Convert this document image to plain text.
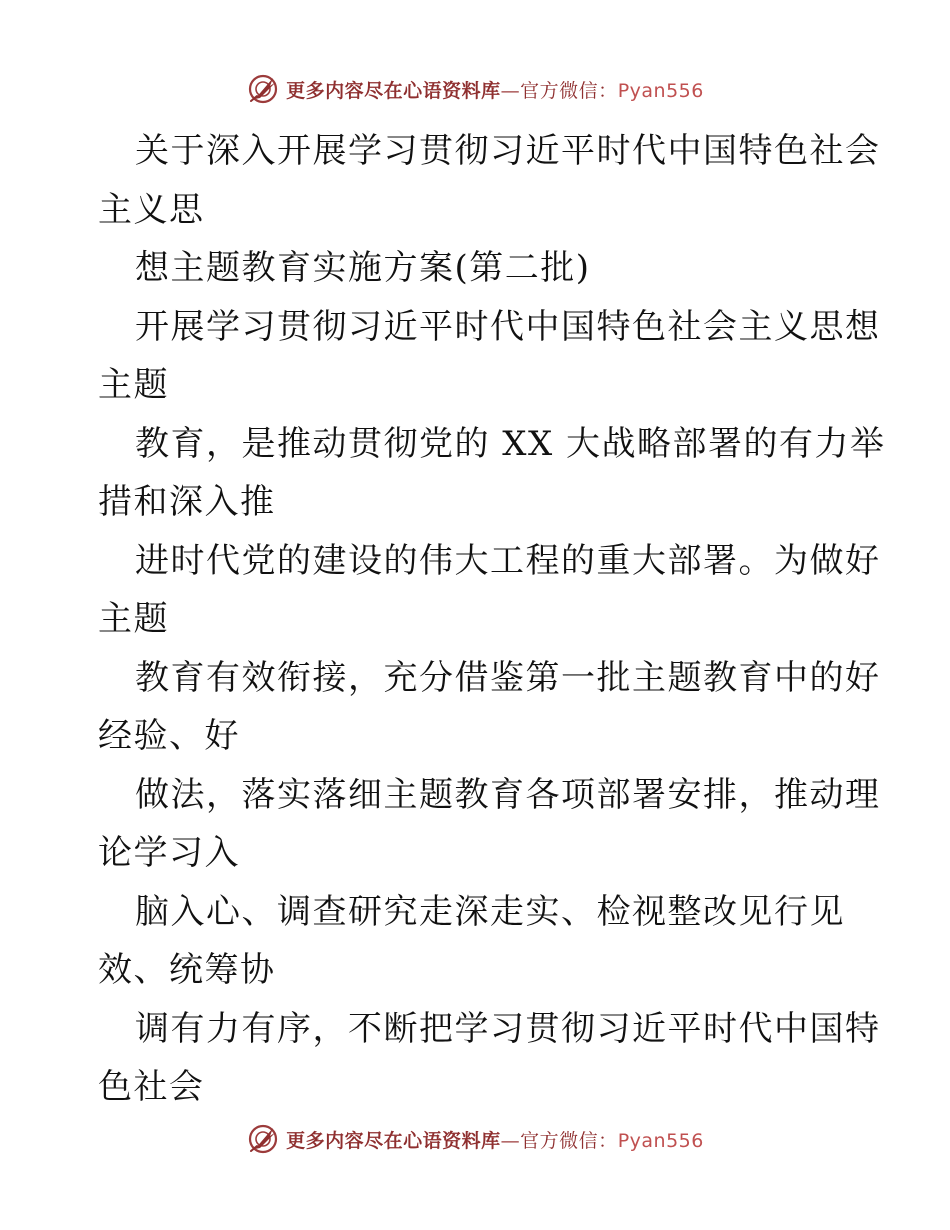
更多内容尽在心语资料库—官方微信：Pyan556
关于深入开展学习贯彻习近平时代中国特色社会
主义思
想主题教育实施方案(第二批)
开展学习贯彻习近平时代中国特色社会主义思想
主题
教育，是推动贯彻党的 XX 大战略部署的有力举
措和深入推
进时代党的建设的伟大工程的重大部署。为做好
主题
教育有效衔接，充分借鉴第一批主题教育中的好
经验、好
做法，落实落细主题教育各项部署安排，推动理
论学习入
脑入心、调查研究走深走实、检视整改见行见
效、统筹协
调有力有序，不断把学习贯彻习近平时代中国特
色社会
更多内容尽在心语资料库—官方微信：Pyan556
